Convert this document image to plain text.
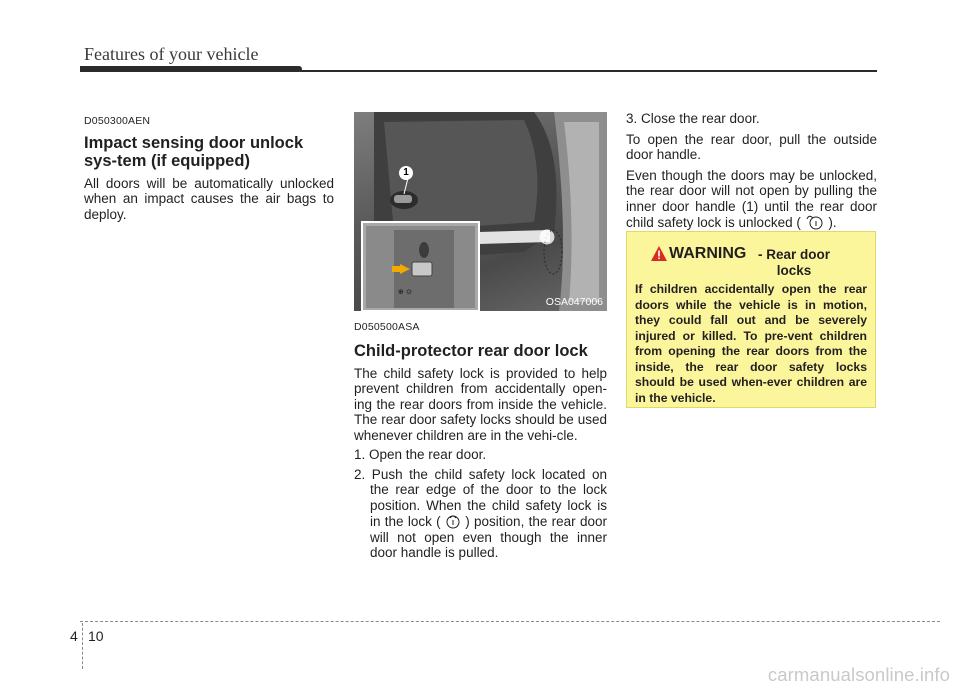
Features of your vehicle

D050300AEN

Impact sensing door unlock sys-tem (if equipped)

All doors will be automatically unlocked when an impact causes the air bags to deploy.

⊕ ⊙
1
OSA047006

D050500ASA

Child-protector rear door lock

The child safety lock is provided to help prevent children from accidentally open-ing the rear doors from inside the vehicle. The rear door safety locks should be used whenever children are in the vehi-cle.

1. Open the rear door.

2. Push the child safety lock located on the rear edge of the door to the lock position. When the child safety lock is in the lock ( ) position, the rear door will not open even though the inner door handle is pulled.

3. Close the rear door.

To open the rear door, pull the outside door handle.

Even though the doors may be unlocked, the rear door will not open by pulling the inner door handle (1) until the rear door child safety lock is unlocked ( ).

WARNING - Rear door locks

If children accidentally open the rear doors while the vehicle is in motion, they could fall out and be severely injured or killed. To pre-vent children from opening the rear doors from the inside, the rear door safety locks should be used when-ever children are in the vehicle.

4 10
carmanualsonline.info
